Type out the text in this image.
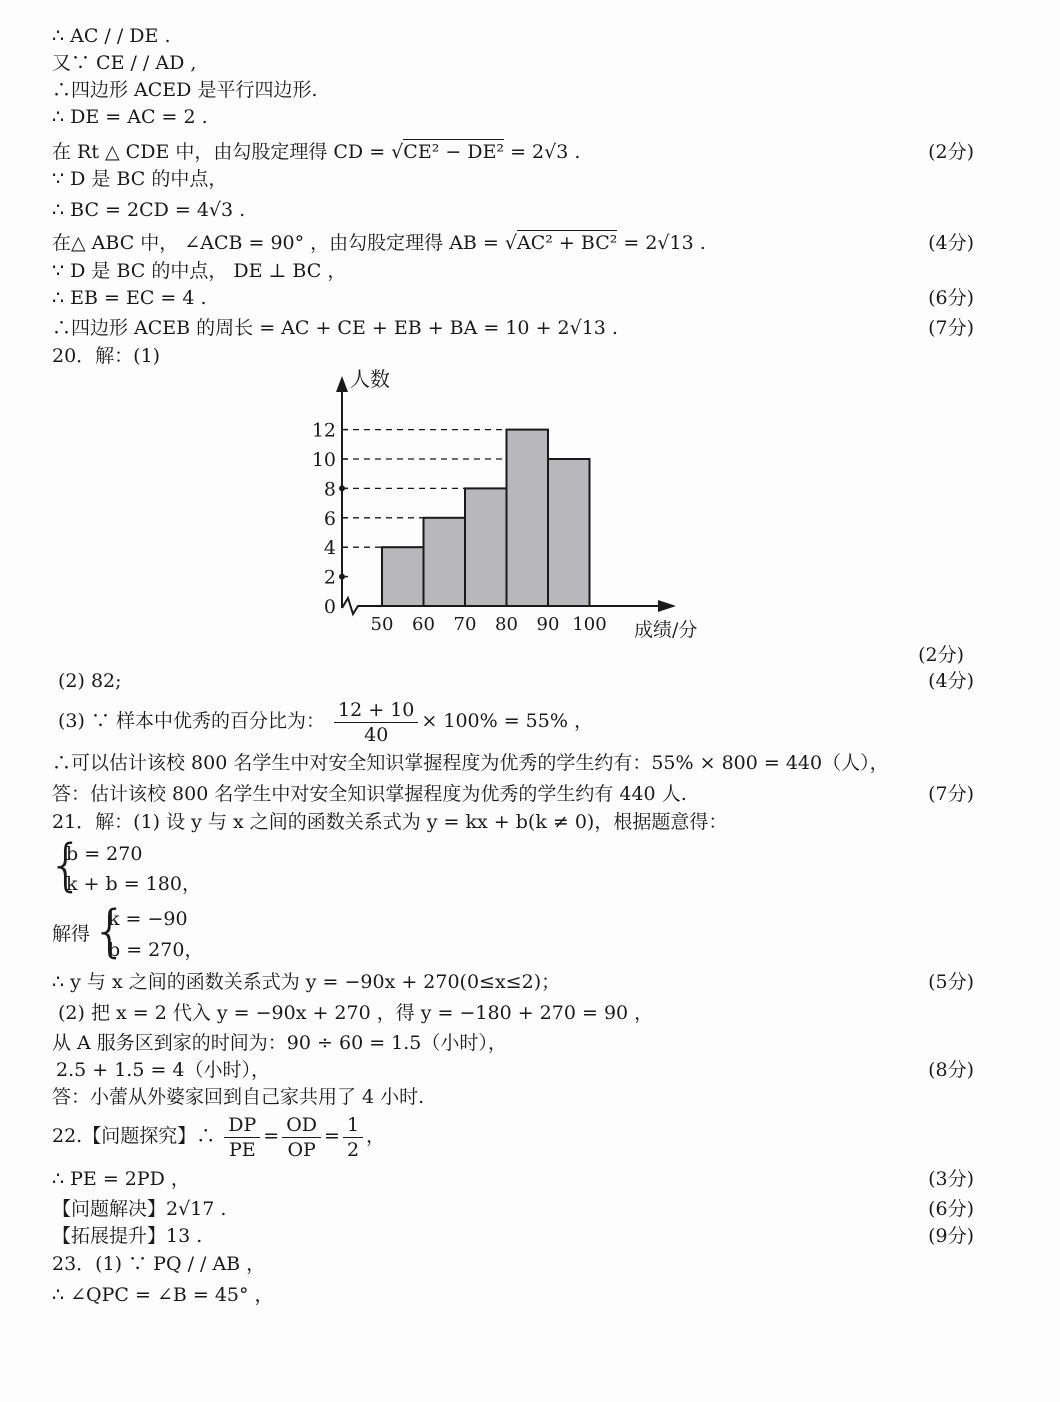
∴ AC / / DE .
又∵ CE / / AD ,
∴四边形 ACED 是平行四边形.
∴ DE = AC = 2 .
在 Rt △ CDE 中，由勾股定理得 CD = √CE² − DE² = 2√3 .	(2分)
∵ D 是 BC 的中点，
∴ BC = 2CD = 4√3 .
在△ ABC 中， ∠ACB = 90° ，由勾股定理得 AB = √AC² + BC² = 2√13 .	(4分)
∵ D 是 BC 的中点， DE ⊥ BC ，
∴ EB = EC = 4 .	(6分)
∴四边形 ACEB 的周长 = AC + CE + EB + BA = 10 + 2√13 .	(7分)
20．解：(1)
0
2
4
6
8
10
12
50 60 70 80 90 100
人数
成绩/分
(2分)
(2) 82;	(4分)
(3) ∵ 样本中优秀的百分比为： $\frac{12 + 10}{40} \times 100\% = 55\%$ ，
∴可以估计该校 800 名学生中对安全知识掌握程度为优秀的学生约有：55% × 800 = 440（人），
答：估计该校 800 名学生中对安全知识掌握程度为优秀的学生约有 440 人.	(7分)
21．解：(1) 设 y 与 x 之间的函数关系式为 y = kx + b(k ≠ 0)，根据题意得：
{
b = 270
k + b = 180，
解得 {
k = −90
b = 270，
∴ y 与 x 之间的函数关系式为 y = −90x + 270(0≤x≤2)；	(5分)
(2) 把 x = 2 代入 y = −90x + 270 ，得 y = −180 + 270 = 90 ，
从 A 服务区到家的时间为：90 ÷ 60 = 1.5（小时），
2.5 + 1.5 = 4（小时），	(8分)
答：小蕾从外婆家回到自己家共用了 4 小时.
22.【问题探究】∴ $\frac{DP}{PE} = \frac{OD}{OP} = \frac{1}{2}$ ，
∴ PE = 2PD ，	(3分)
【问题解决】2√17 .	(6分)
【拓展提升】13 .	(9分)
23．(1) ∵ PQ / / AB ，
∴ ∠QPC = ∠B = 45° ，
